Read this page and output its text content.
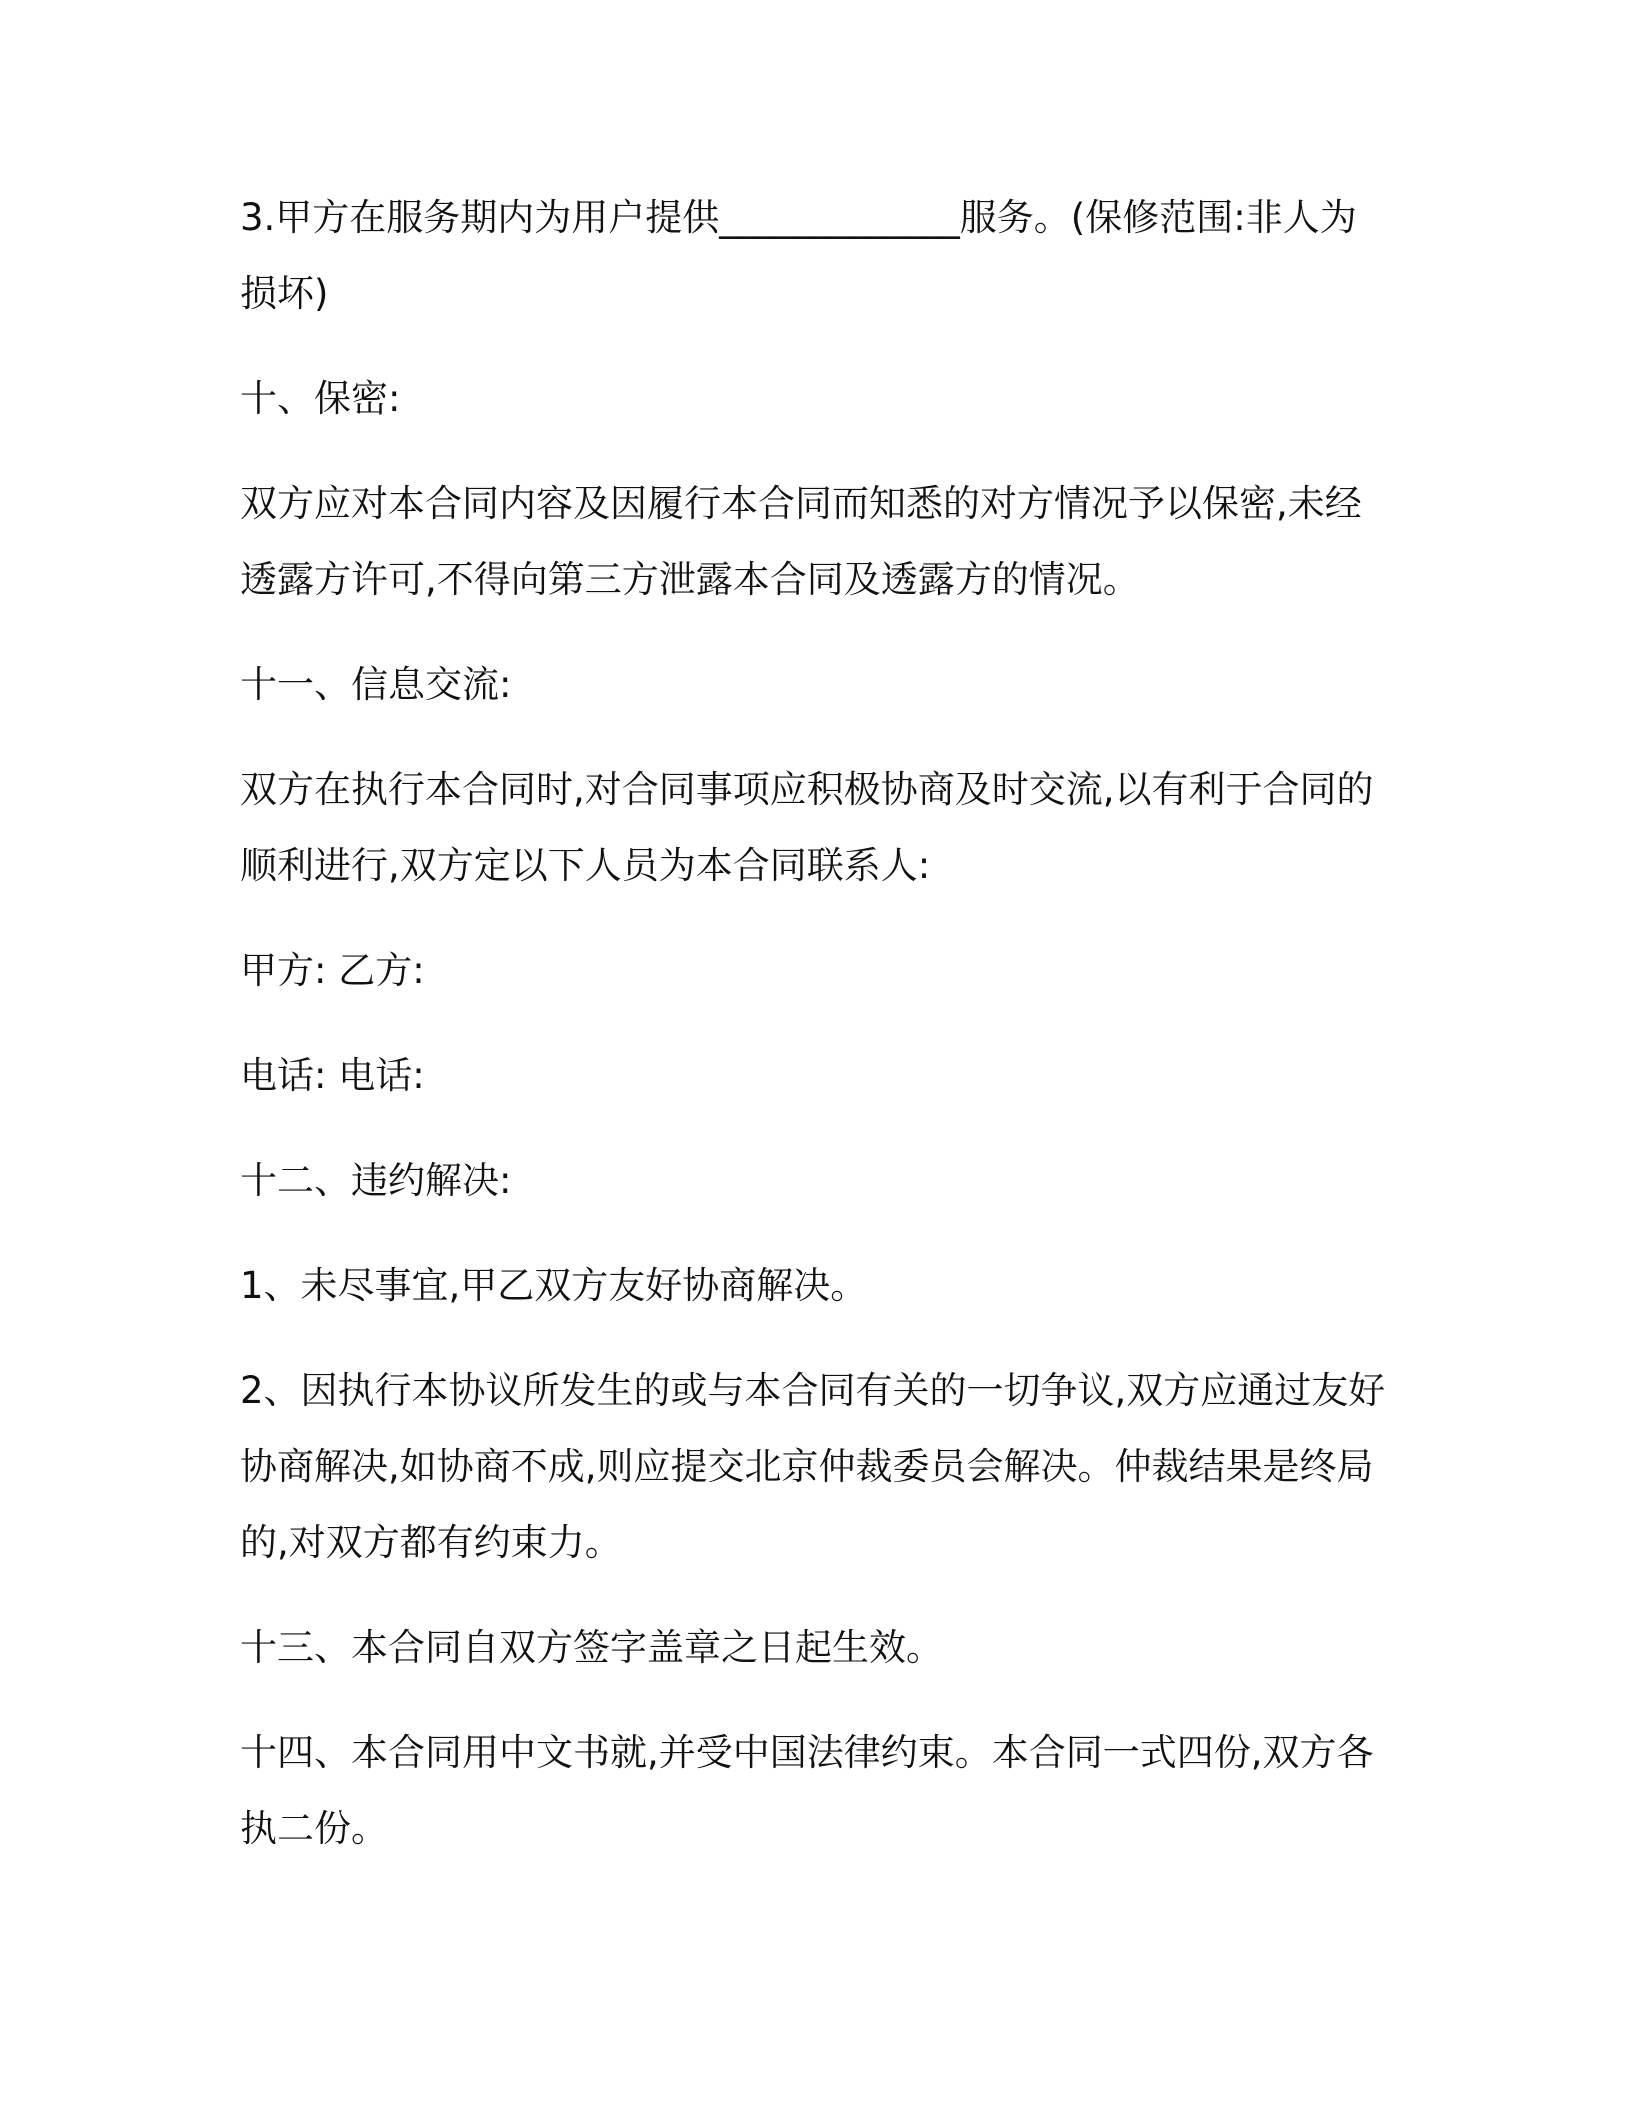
3.甲方在服务期内为用户提供_____________服务。(保修范围:非人为损坏)

十、保密:

双方应对本合同内容及因履行本合同而知悉的对方情况予以保密,未经透露方许可,不得向第三方泄露本合同及透露方的情况。

十一、信息交流:

双方在执行本合同时,对合同事项应积极协商及时交流,以有利于合同的顺利进行,双方定以下人员为本合同联系人:

甲方: 乙方:

电话: 电话:

十二、违约解决:

1、未尽事宜,甲乙双方友好协商解决。

2、因执行本协议所发生的或与本合同有关的一切争议,双方应通过友好协商解决,如协商不成,则应提交北京仲裁委员会解决。仲裁结果是终局的,对双方都有约束力。

十三、本合同自双方签字盖章之日起生效。

十四、本合同用中文书就,并受中国法律约束。本合同一式四份,双方各执二份。
